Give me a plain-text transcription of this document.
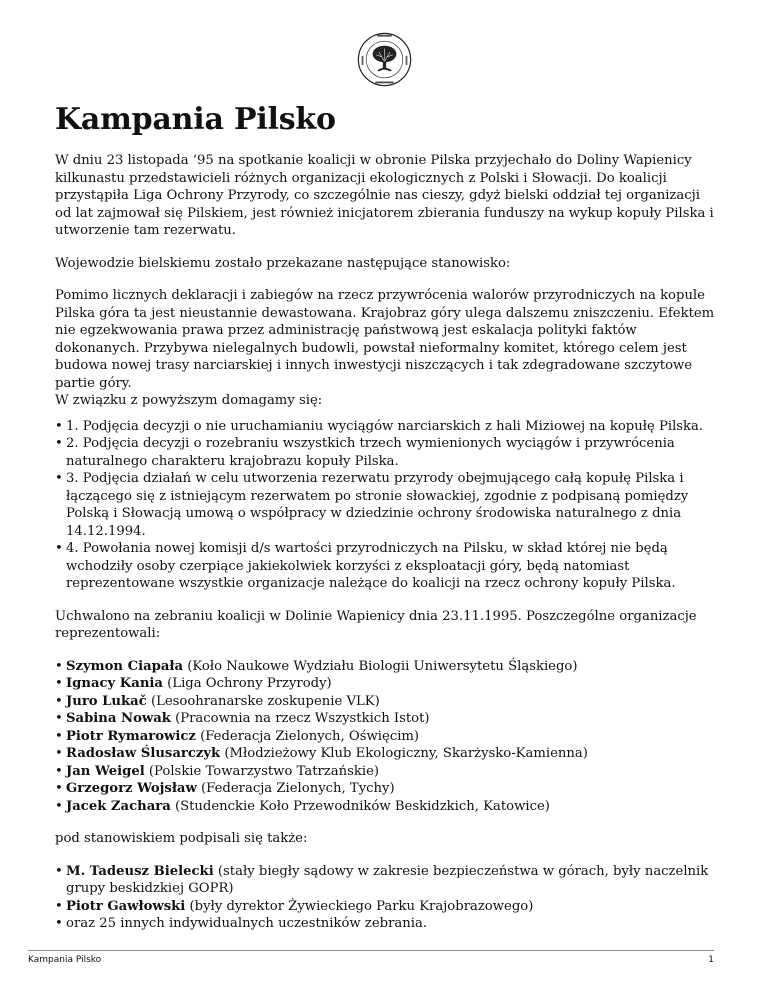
Kampania Pilsko

W dniu 23 listopada ‘95 na spotkanie koalicji w obronie Pilska przyjechało do Doliny Wapienicy kilkunastu przedstawicieli różnych organizacji ekologicznych z Polski i Słowacji. Do koalicji przystąpiła Liga Ochrony Przyrody, co szczególnie nas cieszy, gdyż bielski oddział tej organizacji od lat zajmował się Pilskiem, jest również inicjatorem zbierania funduszy na wykup kopuły Pilska i utworzenie tam rezerwatu.

Wojewodzie bielskiemu zostało przekazane następujące stanowisko:

Pomimo licznych deklaracji i zabiegów na rzecz przywrócenia walorów przyrodniczych na kopule Pilska góra ta jest nieustannie dewastowana. Krajobraz góry ulega dalszemu zniszczeniu. Efektem nie egzekwowania prawa przez administrację państwową jest eskalacja polityki faktów dokonanych. Przybywa nielegalnych budowli, powstał nieformalny komitet, którego celem jest budowa nowej trasy narciarskiej i innych inwestycji niszczących i tak zdegradowane szczytowe partie góry.
W związku z powyższym domagamy się:

• 1. Podjęcia decyzji o nie uruchamianiu wyciągów narciarskich z hali Miziowej na kopułę Pilska.
• 2. Podjęcia decyzji o rozebraniu wszystkich trzech wymienionych wyciągów i przywrócenia naturalnego charakteru krajobrazu kopuły Pilska.
• 3. Podjęcia działań w celu utworzenia rezerwatu przyrody obejmującego całą kopułę Pilska i łączącego się z istniejącym rezerwatem po stronie słowackiej, zgodnie z podpisaną pomiędzy Polską i Słowacją umową o współpracy w dziedzinie ochrony środowiska naturalnego z dnia 14.12.1994.
• 4. Powołania nowej komisji d/s wartości przyrodniczych na Pilsku, w skład której nie będą wchodziły osoby czerpiące jakiekolwiek korzyści z eksploatacji góry, będą natomiast reprezentowane wszystkie organizacje należące do koalicji na rzecz ochrony kopuły Pilska.

Uchwalono na zebraniu koalicji w Dolinie Wapienicy dnia 23.11.1995. Poszczególne organizacje reprezentowali:

• Szymon Ciapała (Koło Naukowe Wydziału Biologii Uniwersytetu Śląskiego)
• Ignacy Kania (Liga Ochrony Przyrody)
• Juro Lukač (Lesoohranarske zoskupenie VLK)
• Sabina Nowak (Pracownia na rzecz Wszystkich Istot)
• Piotr Rymarowicz (Federacja Zielonych, Oświęcim)
• Radosław Ślusarczyk (Młodzieżowy Klub Ekologiczny, Skarżysko-Kamienna)
• Jan Weigel (Polskie Towarzystwo Tatrzańskie)
• Grzegorz Wojsław (Federacja Zielonych, Tychy)
• Jacek Zachara (Studenckie Koło Przewodników Beskidzkich, Katowice)

pod stanowiskiem podpisali się także:

• M. Tadeusz Bielecki (stały biegły sądowy w zakresie bezpieczeństwa w górach, były naczelnik grupy beskidzkiej GOPR)
• Piotr Gawłowski (były dyrektor Żywieckiego Parku Krajobrazowego)
• oraz 25 innych indywidualnych uczestników zebrania.
Kampania Pilsko	1
